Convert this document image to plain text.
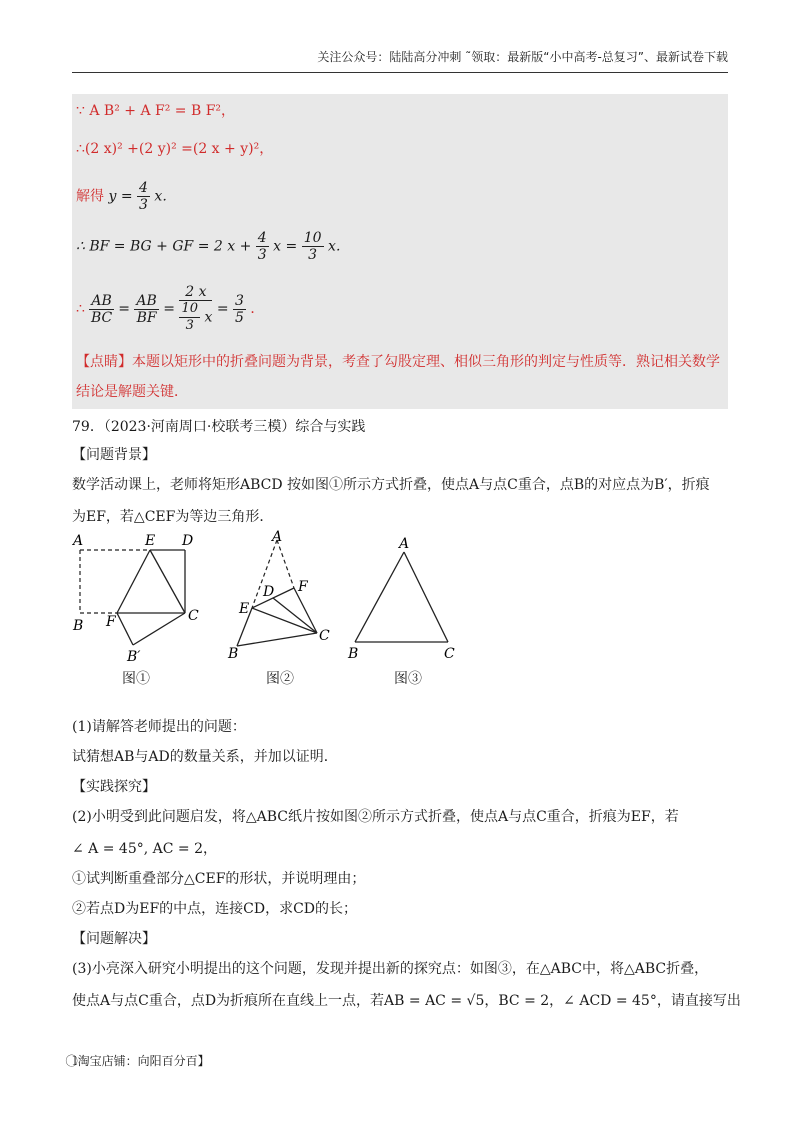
关注公众号：陆陆高分冲刺 ˜领取：最新版“小中高考-总复习”、最新试卷下载
∵ A B² + A F² = B F²，
∴(2 x)² +(2 y)² =(2 x + y)²，
解得 $y = \frac{4}{3}$ x．
∴ BF = BG + GF = 2 $x + \frac{4}{3}$ $x = \frac{10}{3}$ x．
∴ $\frac{AB}{BC} = \frac{AB}{BF} = \frac{2 x}{\frac{10}{3} x} = \frac{3}{5}$ ．
【点睛】本题以矩形中的折叠问题为背景，考查了勾股定理、相似三角形的判定与性质等．熟记相关数学结论是解题关键．
79．（2023·河南周口·校联考三模）综合与实践
【问题背景】
数学活动课上，老师将矩形ABCD 按如图①所示方式折叠，使点A与点C重合，点B的对应点为B′，折痕
为EF，若△CEF为等边三角形．
A	E D
B F	C
B′
图①
A
F
D
E
C
B
图②
A
B	C
图③
(1)请解答老师提出的问题：
试猜想AB与AD的数量关系，并加以证明．
【实践探究】
(2)小明受到此问题启发，将△ABC纸片按如图②所示方式折叠，使点A与点C重合，折痕为EF，若
∠ A = 45°, AC = 2，
①试判断重叠部分△CEF的形状，并说明理由；
②若点D为EF的中点，连接CD，求CD的长；
【问题解决】
(3)小亮深入研究小明提出的这个问题，发现并提出新的探究点：如图③，在△ABC中，将△ABC折叠，
使点A与点C重合，点D为折痕所在直线上一点，若AB = AC = √5，BC = 2，∠ ACD = 45°，请直接写出
1⃝淘宝店铺：向阳百分百】
